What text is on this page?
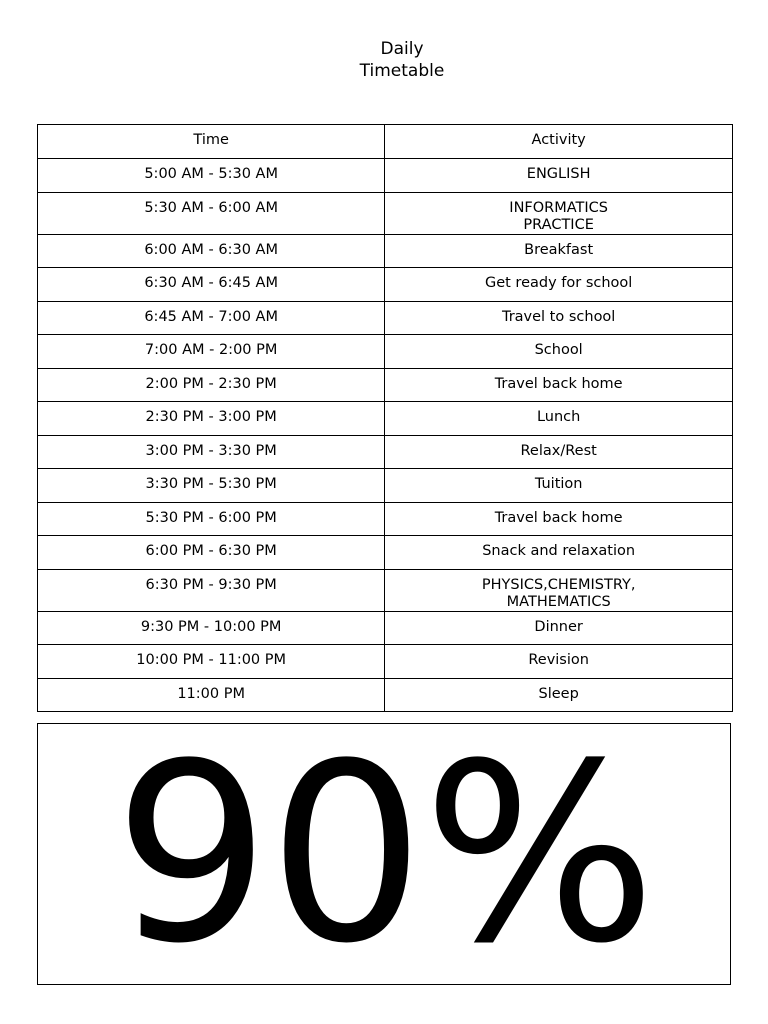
Daily
Timetable
Time	Activity
5:00 AM - 5:30 AM	ENGLISH
5:30 AM - 6:00 AM	INFORMATICS PRACTICE

6:00 AM - 6:30 AM	Breakfast
6:30 AM - 6:45 AM	Get ready for school
6:45 AM - 7:00 AM	Travel to school
7:00 AM - 2:00 PM	School
2:00 PM - 2:30 PM	Travel back home
2:30 PM - 3:00 PM	Lunch
3:00 PM - 3:30 PM	Relax/Rest
3:30 PM - 5:30 PM	Tuition
5:30 PM - 6:00 PM	Travel back home
6:00 PM - 6:30 PM	Snack and relaxation
6:30 PM - 9:30 PM	PHYSICS,CHEMISTRY, MATHEMATICS

9:30 PM - 10:00 PM	Dinner
10:00 PM - 11:00 PM	Revision
11:00 PM	Sleep
90%
